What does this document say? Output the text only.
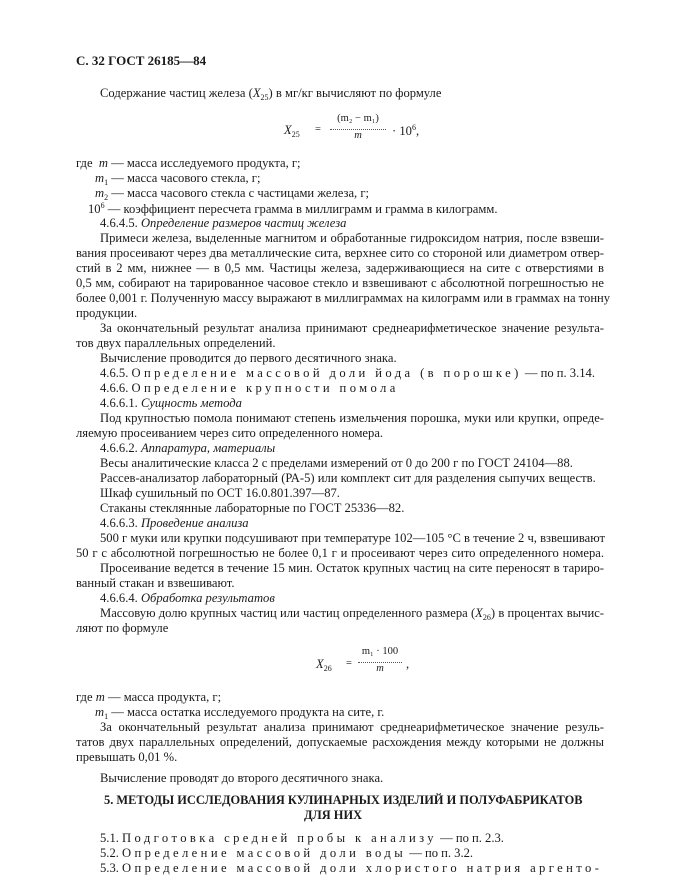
С. 32 ГОСТ 26185—84
Содержание частиц железа $(X_{25})$ в мг/кг вычисляют по формуле
$X_{25}$ =
(m₂ − m₁)
m	· $10^6$,
где  m — масса исследуемого продукта, г;
$m_1$ — масса часового стекла, г;
$m_2$ — масса часового стекла с частицами железа, г;
$10^6$ — коэффициент пересчета грамма в миллиграмм и грамма в килограмм.
4.6.4.5. Определение размеров частиц железа
Примеси железа, выделенные магнитом и обработанные гидроксидом натрия, после взвеши-
вания просеивают через два металлические сита, верхнее сито со стороной или диаметром отвер-
стий в 2 мм, нижнее — в 0,5 мм. Частицы железа, задерживающиеся на сите с отверстиями в
0,5 мм, собирают на тарированное часовое стекло и взвешивают с абсолютной погрешностью не
более 0,001 г. Полученную массу выражают в миллиграммах на килограмм или в граммах на тонну
продукции.
За окончательный результат анализа принимают среднеарифметическое значение результа-
тов двух параллельных определений.
Вычисление проводится до первого десятичного знака.
4.6.5. Определение массовой доли йода (в порошке) — по п. 3.14.
4.6.6. Определение крупности помола
4.6.6.1. Сущность метода
Под крупностью помола понимают степень измельчения порошка, муки или крупки, опреде-
ляемую просеиванием через сито определенного номера.
4.6.6.2. Аппаратура, материалы
Весы аналитические класса 2 с пределами измерений от 0 до 200 г по ГОСТ 24104—88.
Рассев-анализатор лабораторный (РА-5) или комплект сит для разделения сыпучих веществ.
Шкаф сушильный по ОСТ 16.0.801.397—87.
Стаканы стеклянные лабораторные по ГОСТ 25336—82.
4.6.6.3. Проведение анализа
500 г муки или крупки подсушивают при температуре 102—105 °С в течение 2 ч, взвешивают
50 г с абсолютной погрешностью не более 0,1 г и просеивают через сито определенного номера.
Просеивание ведется в течение 15 мин. Остаток крупных частиц на сите переносят в тариро-
ванный стакан и взвешивают.
4.6.6.4. Обработка результатов
Массовую долю крупных частиц или частиц определенного размера $(X_{26})$ в процентах вычис-
ляют по формуле
$X_{26}$ =
m₁ · 100
m	,
где m — масса продукта, г;
$m_1$ — масса остатка исследуемого продукта на сите, г.
За окончательный результат анализа принимают среднеарифметическое значение резуль-
татов двух параллельных определений, допускаемые расхождения между которыми не должны
превышать 0,01 %.
Вычисление проводят до второго десятичного знака.
5. МЕТОДЫ ИССЛЕДОВАНИЯ КУЛИНАРНЫХ ИЗДЕЛИЙ И ПОЛУФАБРИКАТОВ
ДЛЯ НИХ
5.1. Подготовка средней пробы к анализу — по п. 2.3.
5.2. Определение массовой доли воды — по п. 3.2.
5.3. Определение массовой доли хлористого натрия аргенто-
